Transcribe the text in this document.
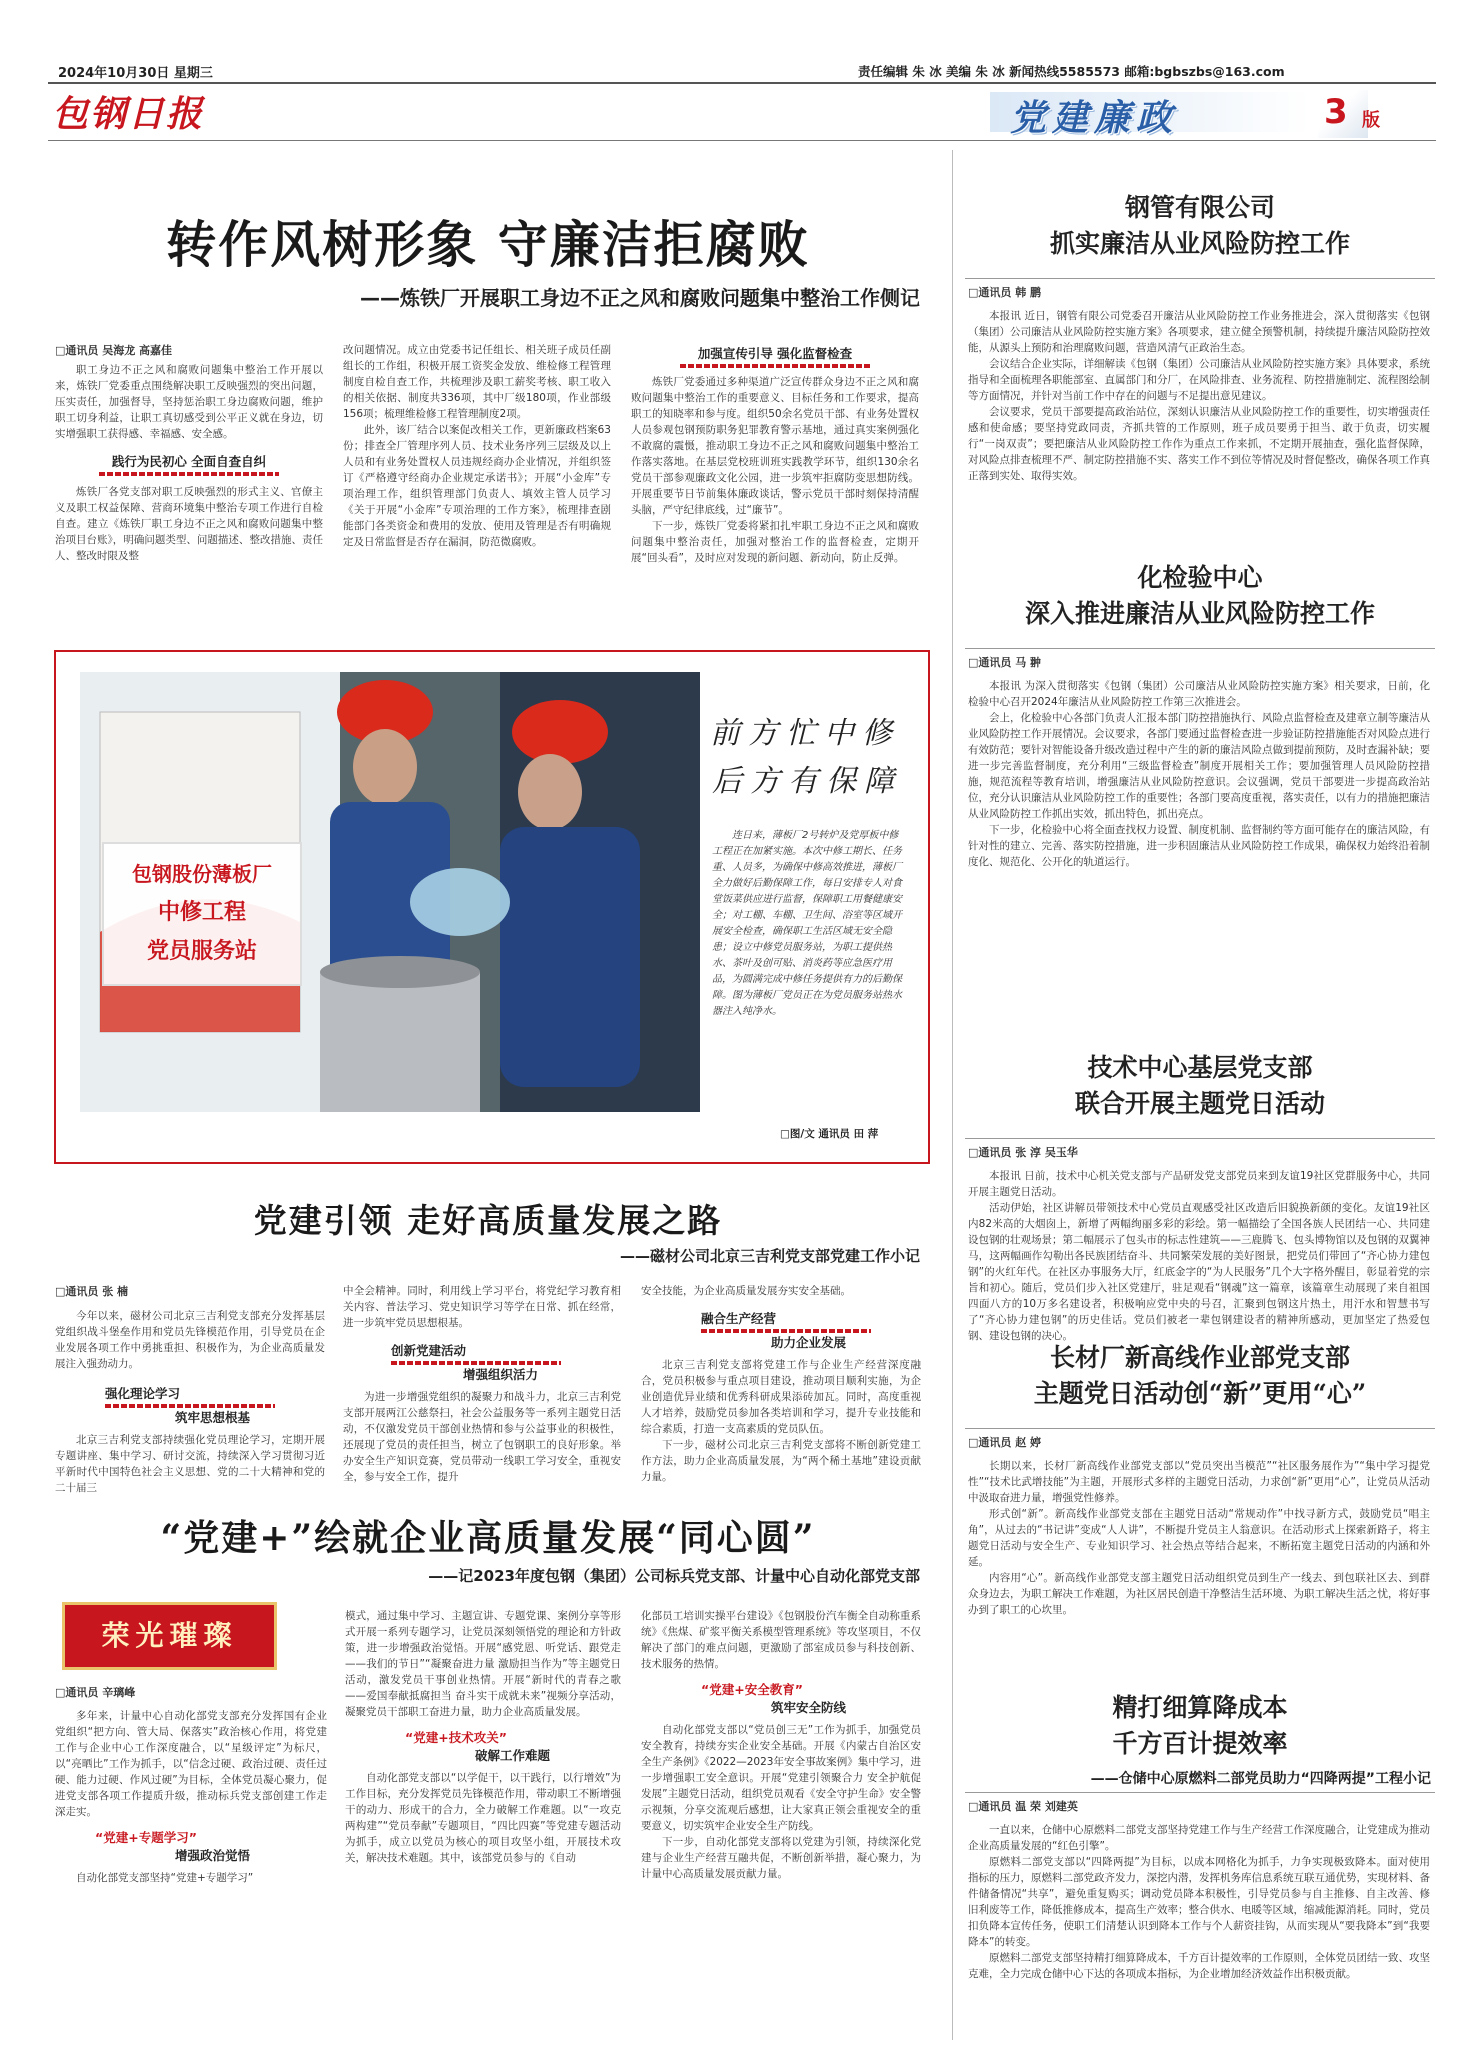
2024年10月30日 星期三	责任编辑 朱 冰 美编 朱 冰 新闻热线5585573 邮箱:bgbszbs@163.com
包钢日报	党建廉政	3 版
转作风树形象 守廉洁拒腐败
——炼铁厂开展职工身边不正之风和腐败问题集中整治工作侧记
□通讯员 吴海龙 高嘉佳

职工身边不正之风和腐败问题集中整治工作开展以来，炼铁厂党委重点围绕解决职工反映强烈的突出问题，压实责任，加强督导，坚持惩治职工身边腐败问题，维护职工切身利益，让职工真切感受到公平正义就在身边，切实增强职工获得感、幸福感、安全感。

践行为民初心 全面自查自纠

炼铁厂各党支部对职工反映强烈的形式主义、官僚主义及职工权益保障、营商环境集中整治专项工作进行自检自查。建立《炼铁厂职工身边不正之风和腐败问题集中整治项目台账》，明确问题类型、问题描述、整改措施、责任人、整改时限及整

改问题情况。成立由党委书记任组长、相关班子成员任副组长的工作组，积极开展工资奖金发放、维检修工程管理制度自检自查工作，共梳理涉及职工薪奖考核、职工收入的相关依据、制度共336项，其中厂级180项，作业部级156项；梳理维检修工程管理制度2项。

此外，该厂结合以案促改相关工作，更新廉政档案63份；排查全厂管理序列人员、技术业务序列三层级及以上人员和有业务处置权人员违规经商办企业情况，并组织签订《严格遵守经商办企业规定承诺书》；开展“小金库”专项治理工作，组织管理部门负责人、填效主管人员学习《关于开展“小金库”专项治理的工作方案》，梳理排查剧能部门各类资金和费用的发放、使用及管理是否有明确规定及日常监督是否存在漏洞，防范微腐败。

加强宣传引导 强化监督检查

炼铁厂党委通过多种渠道广泛宣传群众身边不正之风和腐败问题集中整治工作的重要意义、目标任务和工作要求，提高职工的知晓率和参与度。组织50余名党员干部、有业务处置权人员参观包钢预防职务犯罪教育警示基地，通过真实案例强化不敢腐的震慑，推动职工身边不正之风和腐败问题集中整治工作落实落地。在基层党校班训班实践教学环节，组织130余名党员干部参观廉政文化公园，进一步筑牢拒腐防变思想防线。开展重要节日节前集体廉政谈话，警示党员干部时刻保持清醒头脑，严守纪律底线，过“廉节”。

下一步，炼铁厂党委将紧扣扎牢职工身边不正之风和腐败问题集中整治责任，加强对整治工作的监督检查，定期开展“回头看”，及时应对发现的新问题、新动向，防止反弹。

包钢股份薄板厂
中修工程
党员服务站
前方忙中修
后方有保障
连日来，薄板厂2号转炉及党厚板中修工程正在加紧实施。本次中修工期长、任务重、人员多，为确保中修高效推进，薄板厂全力做好后勤保障工作，每日安排专人对食堂饭菜供应进行监督，保障职工用餐健康安全；对工棚、车棚、卫生间、浴室等区域开展安全检查，确保职工生活区域无安全隐患；设立中修党员服务站，为职工提供热水、茶叶及创可贴、消炎药等应急医疗用品，为圆满完成中修任务提供有力的后勤保障。图为薄板厂党员正在为党员服务站热水器注入纯净水。
□图/文 通讯员 田 萍
党建引领 走好高质量发展之路
——磁材公司北京三吉利党支部党建工作小记
□通讯员 张 楠

今年以来，磁材公司北京三吉利党支部充分发挥基层党组织战斗堡垒作用和党员先锋模范作用，引导党员在企业发展各项工作中勇挑重担、积极作为，为企业高质量发展注入强劲动力。

强化理论学习
筑牢思想根基

北京三吉利党支部持续强化党员理论学习，定期开展专题讲座、集中学习、研讨交流，持续深入学习贯彻习近平新时代中国特色社会主义思想、党的二十大精神和党的二十届三

中全会精神。同时，利用线上学习平台，将党纪学习教育相关内容、普法学习、党史知识学习等学在日常、抓在经常，进一步筑牢党员思想根基。

创新党建活动
增强组织活力

为进一步增强党组织的凝聚力和战斗力，北京三吉利党支部开展两江公慈祭扫，社会公益服务等一系列主题党日活动，不仅激发党员干部创业热情和参与公益事业的积极性，还展现了党员的责任担当，树立了包钢职工的良好形象。举办安全生产知识竞赛，党员带动一线职工学习安全，重视安全，参与安全工作，提升

安全技能，为企业高质量发展夯实安全基础。

融合生产经营
助力企业发展

北京三吉利党支部将党建工作与企业生产经营深度融合，党员积极参与重点项目建设，推动项目顺利实施，为企业创造优异业绩和优秀科研成果添砖加瓦。同时，高度重视人才培养，鼓励党员参加各类培训和学习，提升专业技能和综合素质，打造一支高素质的党员队伍。

下一步，磁材公司北京三吉利党支部将不断创新党建工作方法，助力企业高质量发展，为“两个稀土基地”建设贡献力量。

“党建+”绘就企业高质量发展“同心圆”
——记2023年度包钢（集团）公司标兵党支部、计量中心自动化部党支部
荣光璀璨
□通讯员 辛璃峰

多年来，计量中心自动化部党支部充分发挥国有企业党组织“把方向、管大局、保落实”政治核心作用，将党建工作与企业中心工作深度融合，以“星级评定”为标尺，以“亮晒比”工作为抓手，以“信念过硬、政治过硬、责任过硬、能力过硬、作风过硬”为目标，全体党员凝心聚力，促进党支部各项工作提质升级，推动标兵党支部创建工作走深走实。

“党建+专题学习”
增强政治觉悟

自动化部党支部坚持“党建+专题学习”

模式，通过集中学习、主题宣讲、专题党课、案例分享等形式开展一系列专题学习，让党员深刻领悟党的理论和方针政策，进一步增强政治觉悟。开展“感党恩、听党话、跟党走——我们的节日”“凝聚奋进力量 激励担当作为”等主题党日活动，激发党员干事创业热情。开展“新时代的青春之歌——爱国奉献抵腐担当 奋斗实干成就未来”视频分享活动，凝聚党员干部职工奋进力量，助力企业高质量发展。

“党建+技术攻关”
破解工作难题

自动化部党支部以“以学促干，以干践行，以行增效”为工作目标，充分发挥党员先锋模范作用，带动职工不断增强干的动力、形成干的合力，全力破解工作难题。以“一攻克 两构建”“党员奉献”专题项目，“四比四赛”等党建专题活动为抓手，成立以党员为核心的项目攻坚小组，开展技术攻关，解决技术难题。其中，该部党员参与的《自动

化部员工培训实操平台建设》《包钢股份汽车衡全自动称重系统》《焦煤、矿浆平衡关系模型管理系统》等攻坚项目，不仅解决了部门的难点问题，更激励了部室成员参与科技创新、技术服务的热情。

“党建+安全教育”
筑牢安全防线

自动化部党支部以“党员创三无”工作为抓手，加强党员安全教育，持续夯实企业安全基础。开展《内蒙古自治区安全生产条例》《2022—2023年安全事故案例》集中学习，进一步增强职工安全意识。开展“党建引领聚合力 安全护航促发展”主题党日活动，组织党员观看《安全守护生命》安全警示视频，分享交流观后感想，让大家真正领会重视安全的重要意义，切实筑牢企业安全生产防线。

下一步，自动化部党支部将以党建为引领，持续深化党建与企业生产经营互融共促，不断创新举措，凝心聚力，为计量中心高质量发展贡献力量。

钢管有限公司
抓实廉洁从业风险防控工作
□通讯员 韩 鹏

本报讯 近日，钢管有限公司党委召开廉洁从业风险防控工作业务推进会，深入贯彻落实《包钢（集团）公司廉洁从业风险防控实施方案》各项要求，建立健全预警机制，持续提升廉洁风险防控效能，从源头上预防和治理腐败问题，营造风清气正政治生态。

会议结合企业实际，详细解读《包钢（集团）公司廉洁从业风险防控实施方案》具体要求，系统指导和全面梳理各职能部室、直属部门和分厂，在风险排查、业务流程、防控措施制定、流程图绘制等方面情况，并针对当前工作中存在的问题与不足提出意见建议。

会议要求，党员干部要提高政治站位，深刻认识廉洁从业风险防控工作的重要性，切实增强责任感和使命感；要坚持党政同责，齐抓共管的工作原则，班子成员要勇于担当、敢于负责，切实履行“一岗双责”；要把廉洁从业风险防控工作作为重点工作来抓，不定期开展抽查，强化监督保障，对风险点排查梳理不严、制定防控措施不实、落实工作不到位等情况及时督促整改，确保各项工作真正落到实处、取得实效。

化检验中心
深入推进廉洁从业风险防控工作
□通讯员 马 翀

本报讯 为深入贯彻落实《包钢（集团）公司廉洁从业风险防控实施方案》相关要求，日前，化检验中心召开2024年廉洁从业风险防控工作第三次推进会。

会上，化检验中心各部门负责人汇报本部门防控措施执行、风险点监督检查及建章立制等廉洁从业风险防控工作开展情况。会议要求，各部门要通过监督检查进一步验证防控措施能否对风险点进行有效防范；要针对智能设备升级改造过程中产生的新的廉洁风险点做到提前预防，及时查漏补缺；要进一步完善监督制度，充分利用“三级监督检查”制度开展相关工作；要加强管理人员风险防控措施，规范流程等教育培训，增强廉洁从业风险防控意识。会议强调，党员干部要进一步提高政治站位，充分认识廉洁从业风险防控工作的重要性；各部门要高度重视，落实责任，以有力的措施把廉洁从业风险防控工作抓出实效，抓出特色，抓出亮点。

下一步，化检验中心将全面查找权力设置、制度机制、监督制约等方面可能存在的廉洁风险，有针对性的建立、完善、落实防控措施，进一步积固廉洁从业风险防控工作成果，确保权力始终沿着制度化、规范化、公开化的轨道运行。

技术中心基层党支部
联合开展主题党日活动
□通讯员 张 淳 吴玉华

本报讯 日前，技术中心机关党支部与产品研发党支部党员来到友谊19社区党群服务中心，共同开展主题党日活动。

活动伊始，社区讲解员带领技术中心党员直观感受社区改造后旧貌换新颜的变化。友谊19社区内82米高的大烟囱上，新增了两幅绚丽多彩的彩绘。第一幅描绘了全国各族人民团结一心、共同建设包钢的壮观场景；第二幅展示了包头市的标志性建筑——三鹿腾飞、包头博物馆以及包钢的双翼神马，这两幅画作勾勒出各民族团结奋斗、共同繁荣发展的美好图景，把党员们带回了“齐心协力建包钢”的火红年代。在社区办事服务大厅，红底金字的“为人民服务”几个大字格外醒目，彰显着党的宗旨和初心。随后，党员们步入社区党建厅，驻足观看“钢魂”这一篇章，该篇章生动展现了来自祖国四面八方的10万多名建设者，积极响应党中央的号召，汇聚到包钢这片热土，用汗水和智慧书写了“齐心协力建包钢”的历史佳话。党员们被老一辈包钢建设者的精神所感动，更加坚定了热爱包钢、建设包钢的决心。

长材厂新高线作业部党支部
主题党日活动创“新”更用“心”
□通讯员 赵 婷

长期以来，长材厂新高线作业部党支部以“党员突出当模范”“社区服务展作为”“集中学习提党性”“技术比武增技能”为主题，开展形式多样的主题党日活动，力求创“新”更用“心”，让党员从活动中汲取奋进力量，增强党性修养。

形式创“新”。新高线作业部党支部在主题党日活动“常规动作”中找寻新方式，鼓励党员“唱主角”，从过去的“书记讲”变成“人人讲”，不断提升党员主人翁意识。在活动形式上探索新路子，将主题党日活动与安全生产、专业知识学习、社会热点等结合起来，不断拓宽主题党日活动的内涵和外延。

内容用“心”。新高线作业部党支部主题党日活动组织党员到生产一线去、到包联社区去、到群众身边去，为职工解决工作难题，为社区居民创造干净整洁生活环境、为职工解决生活之忧，将好事办到了职工的心坎里。

精打细算降成本
千方百计提效率
——仓储中心原燃料二部党员助力“四降两提”工程小记
□通讯员 温 荣 刘建英

一直以来，仓储中心原燃料二部党支部坚持党建工作与生产经营工作深度融合，让党建成为推动企业高质量发展的“红色引擎”。

原燃料二部党支部以“四降两提”为目标，以成本网格化为抓手，力争实现极致降本。面对使用指标的压力，原燃料二部党政齐发力，深挖内潜，发挥机务库信息系统互联互通优势，实现材料、备件储备情况“共享”，避免重复购买；调动党员降本积极性，引导党员参与自主推修、自主改善、修旧利废等工作，降低推修成本，提高生产效率；整合供水、电暖等区域，缩减能源消耗。同时，党员扣负降本宣传任务，使职工们清楚认识到降本工作与个人薪资挂钩，从而实现从“要我降本”到“我要降本”的转变。

原燃料二部党支部坚持精打细算降成本，千方百计提效率的工作原则，全体党员团结一致、攻坚克难，全力完成仓储中心下达的各项成本指标，为企业增加经济效益作出积极贡献。
